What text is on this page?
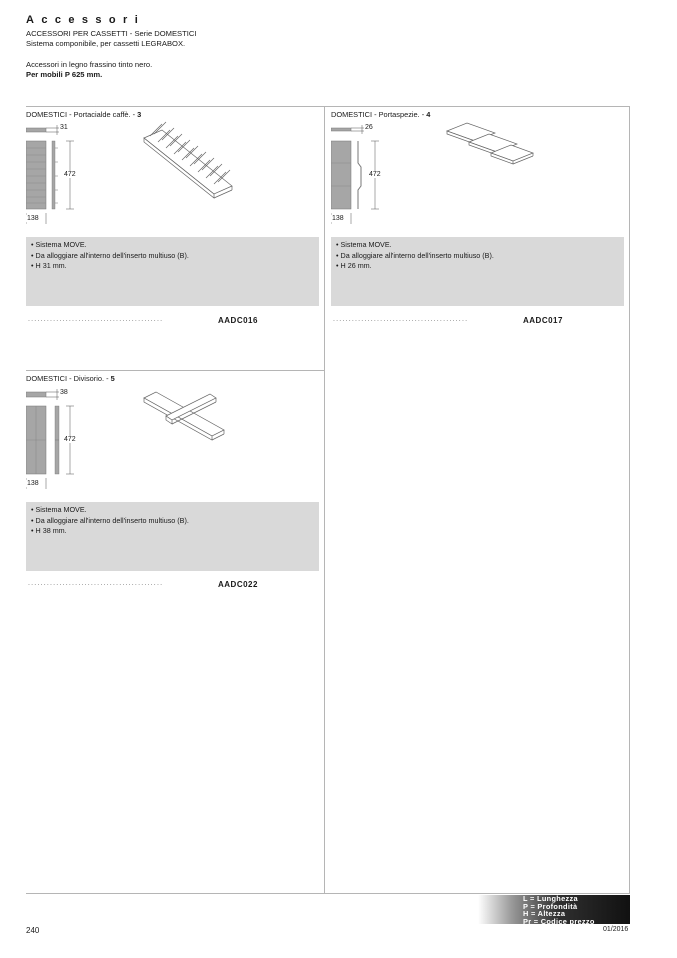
Accessori
ACCESSORI PER CASSETTI - Serie DOMESTICI
Sistema componibile, per cassetti LEGRABOX.
Accessori in legno frassino tinto nero.
Per mobili P 625 mm.
DOMESTICI - Portacialde caffè. - 3
31
472
138
• Sistema MOVE.
• Da alloggiare all'interno dell'inserto multiuso (B).
• H 31 mm.
...........................................	AADC016
DOMESTICI - Portaspezie. - 4
26
472
138
• Sistema MOVE.
• Da alloggiare all'interno dell'inserto multiuso (B).
• H 26 mm.
...........................................	AADC017
DOMESTICI - Divisorio. - 5
38
472
138
• Sistema MOVE.
• Da alloggiare all'interno dell'inserto multiuso (B).
• H 38 mm.
...........................................	AADC022
L = Lunghezza
P = Profondità
H = Altezza
Pr = Codice prezzo
240	01/2016
